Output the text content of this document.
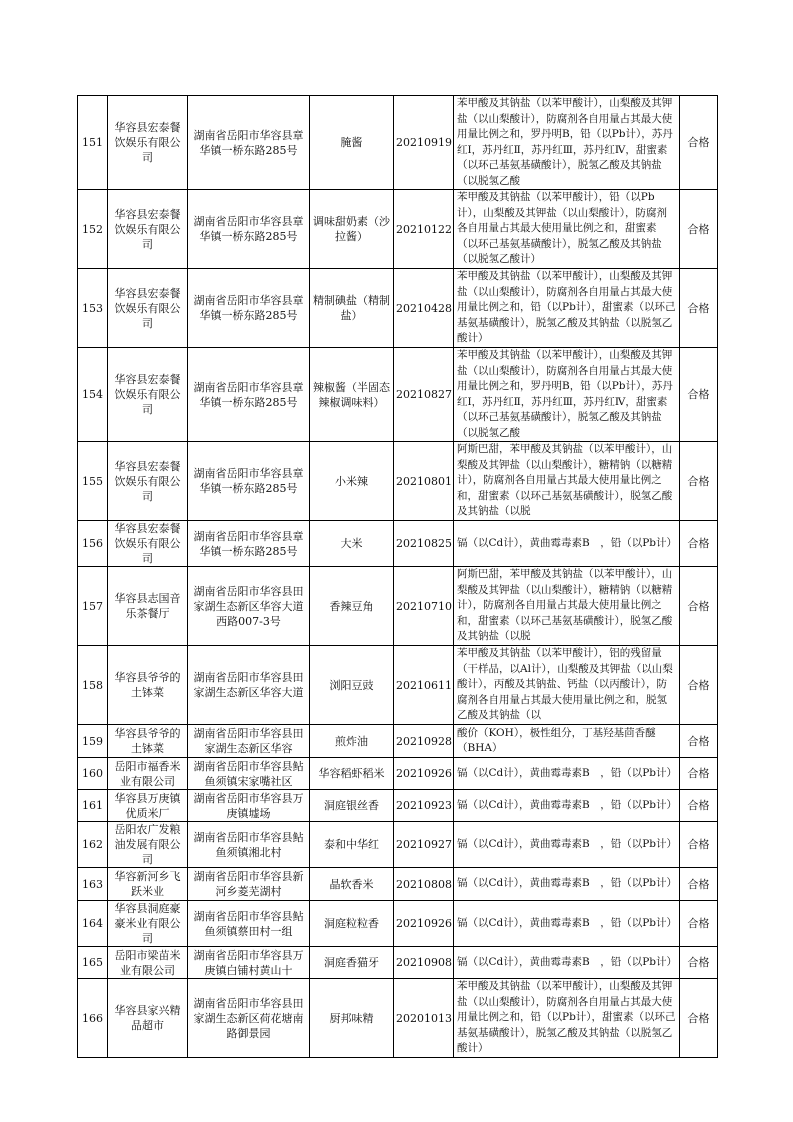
151	华容县宏泰餐饮娱乐有限公司	湖南省岳阳市华容县章华镇一桥东路285号	腌酱	20210919	苯甲酸及其钠盐（以苯甲酸计），山梨酸及其钾盐（以山梨酸计），防腐剂各自用量占其最大使用量比例之和，罗丹明B，铅（以Pb计），苏丹红Ⅰ，苏丹红Ⅱ，苏丹红Ⅲ，苏丹红Ⅳ，甜蜜素（以环己基氨基磺酸计），脱氢乙酸及其钠盐（以脱氢乙酸	合格
152	华容县宏泰餐饮娱乐有限公司	湖南省岳阳市华容县章华镇一桥东路285号	调味甜奶素（沙拉酱）	20210122	苯甲酸及其钠盐（以苯甲酸计），铅（以Pb计），山梨酸及其钾盐（以山梨酸计），防腐剂各自用量占其最大使用量比例之和，甜蜜素（以环己基氨基磺酸计），脱氢乙酸及其钠盐（以脱氢乙酸计）	合格
153	华容县宏泰餐饮娱乐有限公司	湖南省岳阳市华容县章华镇一桥东路285号	精制碘盐（精制盐）	20210428	苯甲酸及其钠盐（以苯甲酸计），山梨酸及其钾盐（以山梨酸计），防腐剂各自用量占其最大使用量比例之和，铅（以Pb计），甜蜜素（以环己基氨基磺酸计），脱氢乙酸及其钠盐（以脱氢乙酸计）	合格
154	华容县宏泰餐饮娱乐有限公司	湖南省岳阳市华容县章华镇一桥东路285号	辣椒酱（半固态辣椒调味料）	20210827	苯甲酸及其钠盐（以苯甲酸计），山梨酸及其钾盐（以山梨酸计），防腐剂各自用量占其最大使用量比例之和，罗丹明B，铅（以Pb计），苏丹红Ⅰ，苏丹红Ⅱ，苏丹红Ⅲ，苏丹红Ⅳ，甜蜜素（以环己基氨基磺酸计），脱氢乙酸及其钠盐（以脱氢乙酸	合格
155	华容县宏泰餐饮娱乐有限公司	湖南省岳阳市华容县章华镇一桥东路285号	小米辣	20210801	阿斯巴甜，苯甲酸及其钠盐（以苯甲酸计），山梨酸及其钾盐（以山梨酸计），糖精钠（以糖精计），防腐剂各自用量占其最大使用量比例之和，甜蜜素（以环己基氨基磺酸计），脱氢乙酸及其钠盐（以脱	合格
156	华容县宏泰餐饮娱乐有限公司	湖南省岳阳市华容县章华镇一桥东路285号	大米	20210825	镉（以Cd计），黄曲霉毒素B　，铅（以Pb计）	合格
157	华容县志国音乐茶餐厅	湖南省岳阳市华容县田家湖生态新区华容大道西路007-3号	香辣豆角	20210710	阿斯巴甜，苯甲酸及其钠盐（以苯甲酸计），山梨酸及其钾盐（以山梨酸计），糖精钠（以糖精计），防腐剂各自用量占其最大使用量比例之和，甜蜜素（以环己基氨基磺酸计），脱氢乙酸及其钠盐（以脱	合格
158	华容县爷爷的土钵菜	湖南省岳阳市华容县田家湖生态新区华容大道	浏阳豆豉	20210611	苯甲酸及其钠盐（以苯甲酸计），铝的残留量（干样品，以Al计），山梨酸及其钾盐（以山梨酸计），丙酸及其钠盐、钙盐（以丙酸计），防腐剂各自用量占其最大使用量比例之和，脱氢乙酸及其钠盐（以	合格
159	华容县爷爷的土钵菜	湖南省岳阳市华容县田家湖生态新区华容	煎炸油	20210928	酸价（KOH），极性组分，丁基羟基茴香醚（BHA）	合格
160	岳阳市福香米业有限公司	湖南省岳阳市华容县鲇鱼须镇宋家嘴社区	华容稻虾稻米	20210926	镉（以Cd计），黄曲霉毒素B　，铅（以Pb计）	合格
161	华容县万庚镇优质米厂	湖南省岳阳市华容县万庚镇墟场	洞庭银丝香	20210923	镉（以Cd计），黄曲霉毒素B　，铅（以Pb计）	合格
162	岳阳农广发粮油发展有限公司	湖南省岳阳市华容县鲇鱼须镇湘北村	泰和中华红	20210927	镉（以Cd计），黄曲霉毒素B　，铅（以Pb计）	合格
163	华容新河乡飞跃米业	湖南省岳阳市华容县新河乡菱芜湖村	晶软香米	20210808	镉（以Cd计），黄曲霉毒素B　，铅（以Pb计）	合格
164	华容县洞庭豪豪米业有限公司	湖南省岳阳市华容县鲇鱼须镇蔡田村一组	洞庭粒粒香	20210926	镉（以Cd计），黄曲霉毒素B　，铅（以Pb计）	合格
165	岳阳市梁苗米业有限公司	湖南省岳阳市华容县万庚镇白铺村黄山十	洞庭香猫牙	20210908	镉（以Cd计），黄曲霉毒素B　，铅（以Pb计）	合格
166	华容县家兴精品超市	湖南省岳阳市华容县田家湖生态新区荷花塘南路御景园	厨邦味精	20201013	苯甲酸及其钠盐（以苯甲酸计），山梨酸及其钾盐（以山梨酸计），防腐剂各自用量占其最大使用量比例之和，铅（以Pb计），甜蜜素（以环己基氨基磺酸计），脱氢乙酸及其钠盐（以脱氢乙酸计）	合格
